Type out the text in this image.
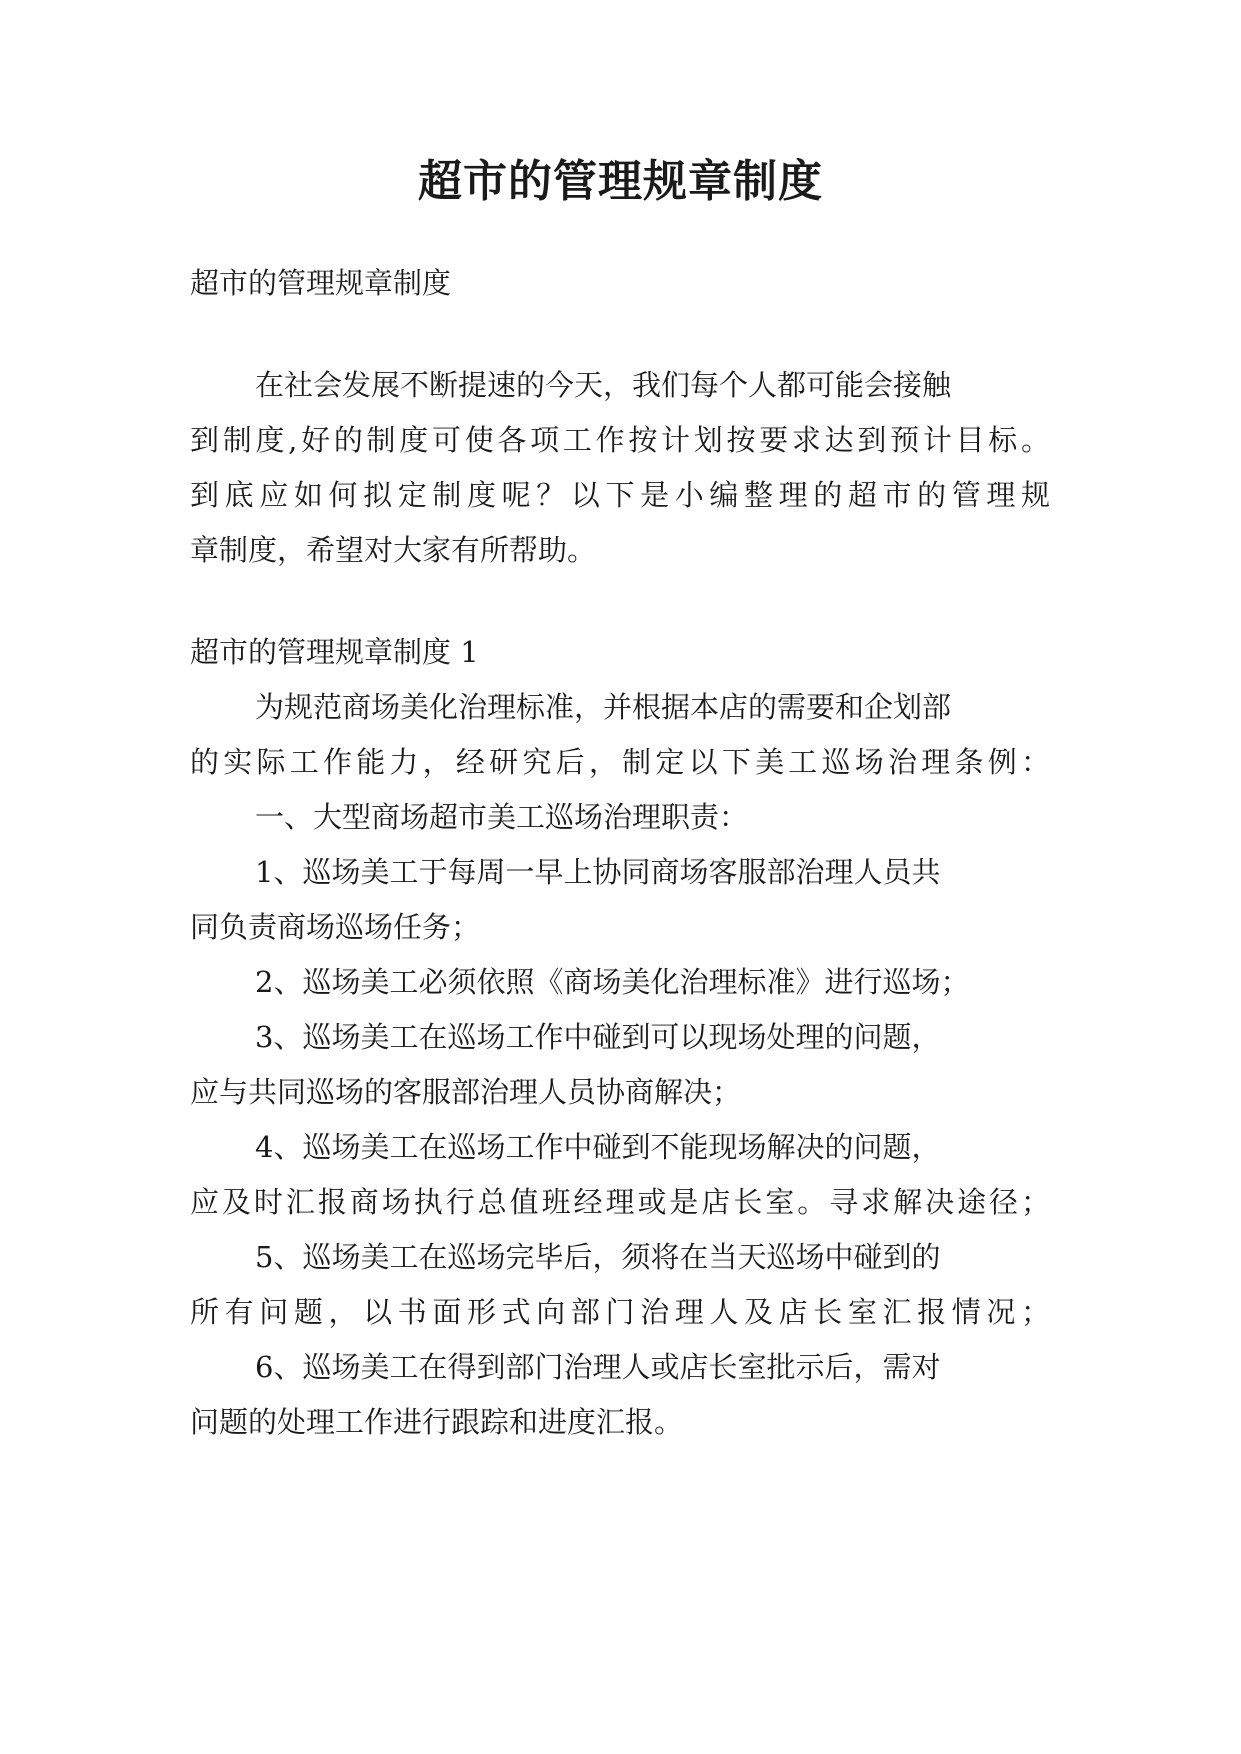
超市的管理规章制度

超市的管理规章制度

在社会发展不断提速的今天，我们每个人都可能会接触

到制度,好的制度可使各项工作按计划按要求达到预计目标。

到底应如何拟定制度呢？以下是小编整理的超市的管理规

章制度，希望对大家有所帮助。

超市的管理规章制度 1

为规范商场美化治理标准，并根据本店的需要和企划部

的实际工作能力，经研究后，制定以下美工巡场治理条例：

一、大型商场超市美工巡场治理职责：

1、巡场美工于每周一早上协同商场客服部治理人员共

同负责商场巡场任务；

2、巡场美工必须依照《商场美化治理标准》进行巡场；

3、巡场美工在巡场工作中碰到可以现场处理的问题，

应与共同巡场的客服部治理人员协商解决；

4、巡场美工在巡场工作中碰到不能现场解决的问题，

应及时汇报商场执行总值班经理或是店长室。寻求解决途径；

5、巡场美工在巡场完毕后，须将在当天巡场中碰到的

所有问题，以书面形式向部门治理人及店长室汇报情况；

6、巡场美工在得到部门治理人或店长室批示后，需对

问题的处理工作进行跟踪和进度汇报。
